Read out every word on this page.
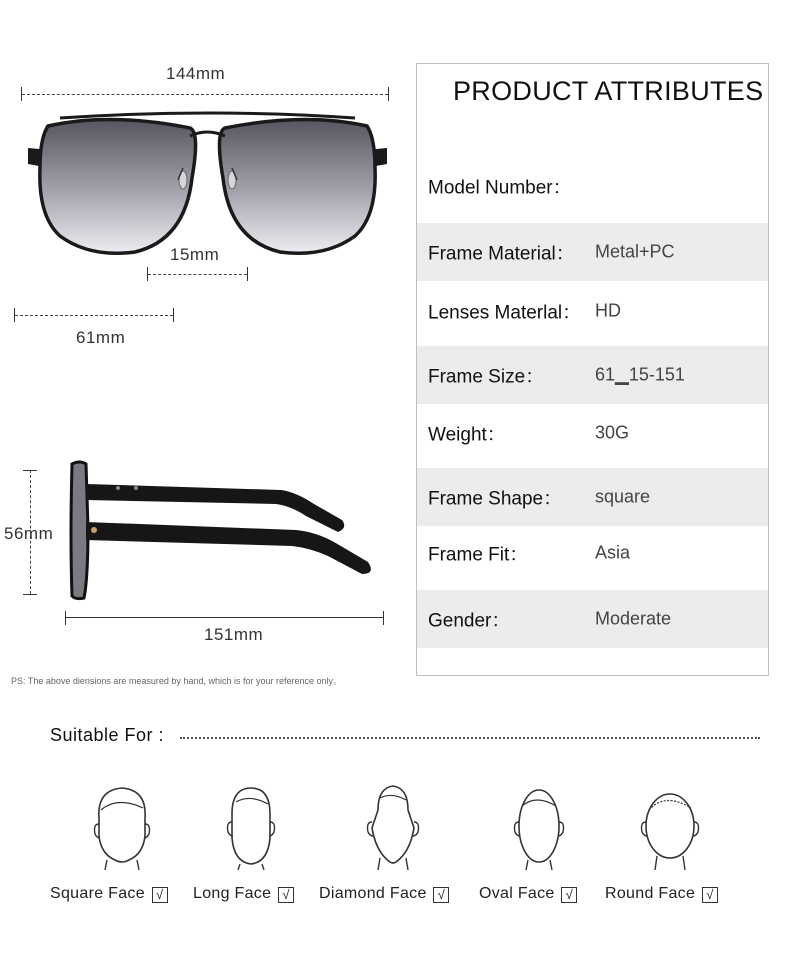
144mm
15mm
61mm
56mm
151mm
PRODUCT ATTRIBUTES
Model Number：
Frame Material： Metal+PC
Lenses Materlal： HD
Frame Size：	61▁15-151
Weight：	30G
Frame Shape： square
Frame Fit：	Asia
Gender：	Moderate
PS: The above diensions are measured by hand, which is for your reference only。
Suitable For :
Square Face √ Long Face √ Diamond Face √ Oval Face √ Round Face √
